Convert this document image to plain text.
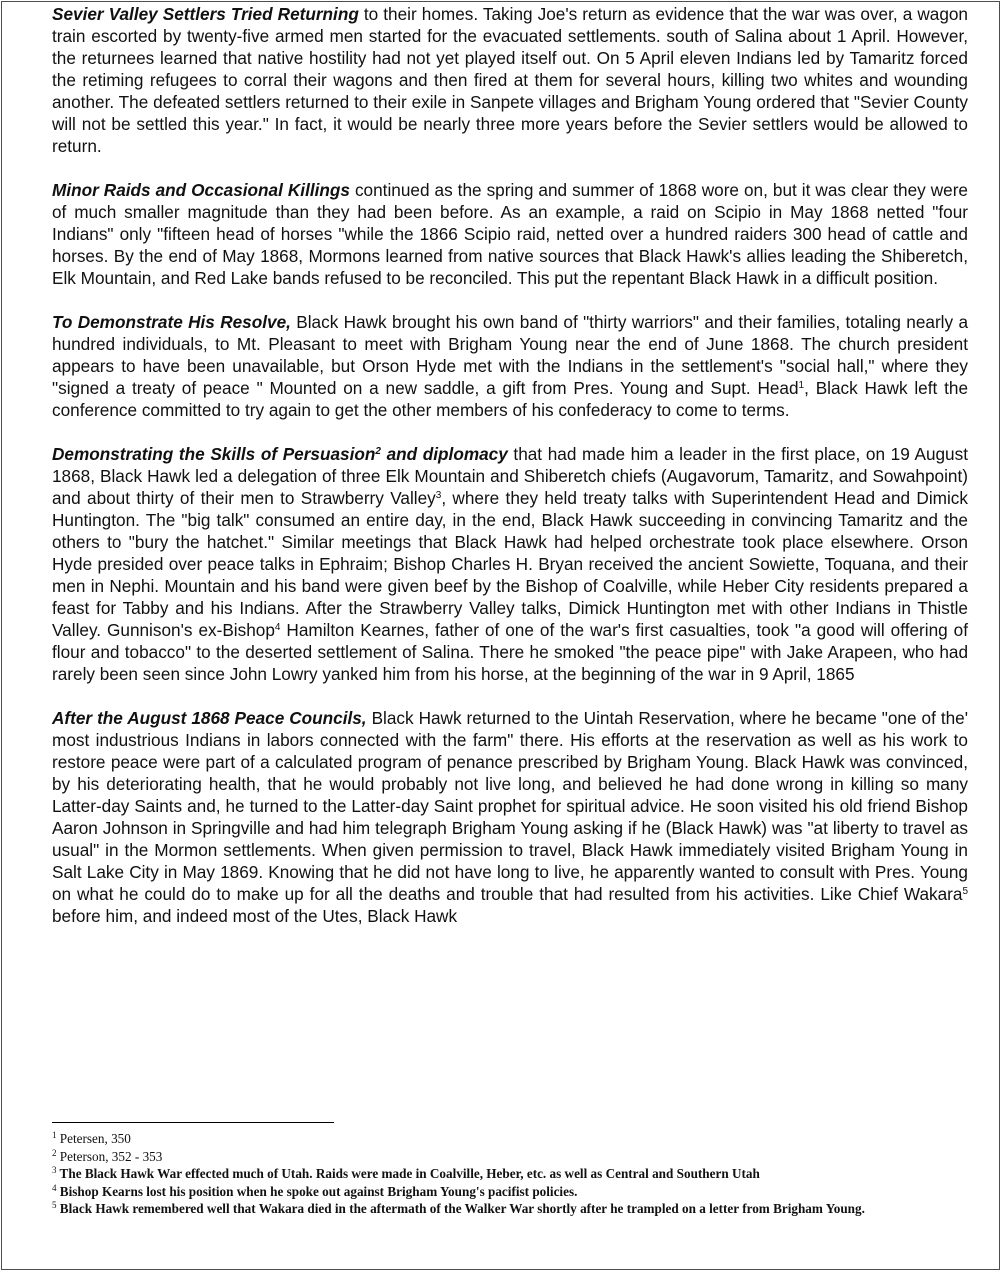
Sevier Valley Settlers Tried Returning to their homes. Taking Joe's return as evidence that the war was over, a wagon train escorted by twenty-five armed men started for the evacuated settlements. south of Salina about 1 April. However, the returnees learned that native hostility had not yet played itself out. On 5 April eleven Indians led by Tamaritz forced the retiming refugees to corral their wagons and then fired at them for several hours, killing two whites and wounding another. The defeated settlers returned to their exile in Sanpete villages and Brigham Young ordered that "Sevier County will not be settled this year." In fact, it would be nearly three more years before the Sevier settlers would be allowed to return.

Minor Raids and Occasional Killings continued as the spring and summer of 1868 wore on, but it was clear they were of much smaller magnitude than they had been before. As an example, a raid on Scipio in May 1868 netted "four Indians" only "fifteen head of horses "while the 1866 Scipio raid, netted over a hundred raiders 300 head of cattle and horses. By the end of May 1868, Mormons learned from native sources that Black Hawk's allies leading the Shiberetch, Elk Mountain, and Red Lake bands refused to be reconciled. This put the repentant Black Hawk in a difficult position.

To Demonstrate His Resolve, Black Hawk brought his own band of "thirty warriors" and their families, totaling nearly a hundred individuals, to Mt. Pleasant to meet with Brigham Young near the end of June 1868. The church president appears to have been unavailable, but Orson Hyde met with the Indians in the settlement's "social hall," where they "signed a treaty of peace " Mounted on a new saddle, a gift from Pres. Young and Supt. Head$^1$, Black Hawk left the conference committed to try again to get the other members of his confederacy to come to terms.

Demonstrating the Skills of Persuasion$^2$ and diplomacy that had made him a leader in the first place, on 19 August 1868, Black Hawk led a delegation of three Elk Mountain and Shiberetch chiefs (Augavorum, Tamaritz, and Sowahpoint) and about thirty of their men to Strawberry Valley$^3$, where they held treaty talks with Superintendent Head and Dimick Huntington. The "big talk" consumed an entire day, in the end, Black Hawk succeeding in convincing Tamaritz and the others to "bury the hatchet." Similar meetings that Black Hawk had helped orchestrate took place elsewhere. Orson Hyde presided over peace talks in Ephraim; Bishop Charles H. Bryan received the ancient Sowiette, Toquana, and their men in Nephi. Mountain and his band were given beef by the Bishop of Coalville, while Heber City residents prepared a feast for Tabby and his Indians. After the Strawberry Valley talks, Dimick Huntington met with other Indians in Thistle Valley. Gunnison's ex-Bishop$^4$ Hamilton Kearnes, father of one of the war's first casualties, took "a good will offering of flour and tobacco" to the deserted settlement of Salina. There he smoked "the peace pipe" with Jake Arapeen, who had rarely been seen since John Lowry yanked him from his horse, at the beginning of the war in 9 April, 1865

After the August 1868 Peace Councils, Black Hawk returned to the Uintah Reservation, where he became "one of the' most industrious Indians in labors connected with the farm" there. His efforts at the reservation as well as his work to restore peace were part of a calculated program of penance prescribed by Brigham Young. Black Hawk was convinced, by his deteriorating health, that he would probably not live long, and believed he had done wrong in killing so many Latter-day Saints and, he turned to the Latter-day Saint prophet for spiritual advice. He soon visited his old friend Bishop Aaron Johnson in Springville and had him telegraph Brigham Young asking if he (Black Hawk) was "at liberty to travel as usual" in the Mormon settlements. When given permission to travel, Black Hawk immediately visited Brigham Young in Salt Lake City in May 1869. Knowing that he did not have long to live, he apparently wanted to consult with Pres. Young on what he could do to make up for all the deaths and trouble that had resulted from his activities. Like Chief Wakara$^5$ before him, and indeed most of the Utes, Black Hawk

$^1$ Petersen, 350

$^2$ Peterson, 352 - 353

$^3$ The Black Hawk War effected much of Utah. Raids were made in Coalville, Heber, etc. as well as Central and Southern Utah

$^4$ Bishop Kearns lost his position when he spoke out against Brigham Young's pacifist policies.

$^5$ Black Hawk remembered well that Wakara died in the aftermath of the Walker War shortly after he trampled on a letter from Brigham Young.
